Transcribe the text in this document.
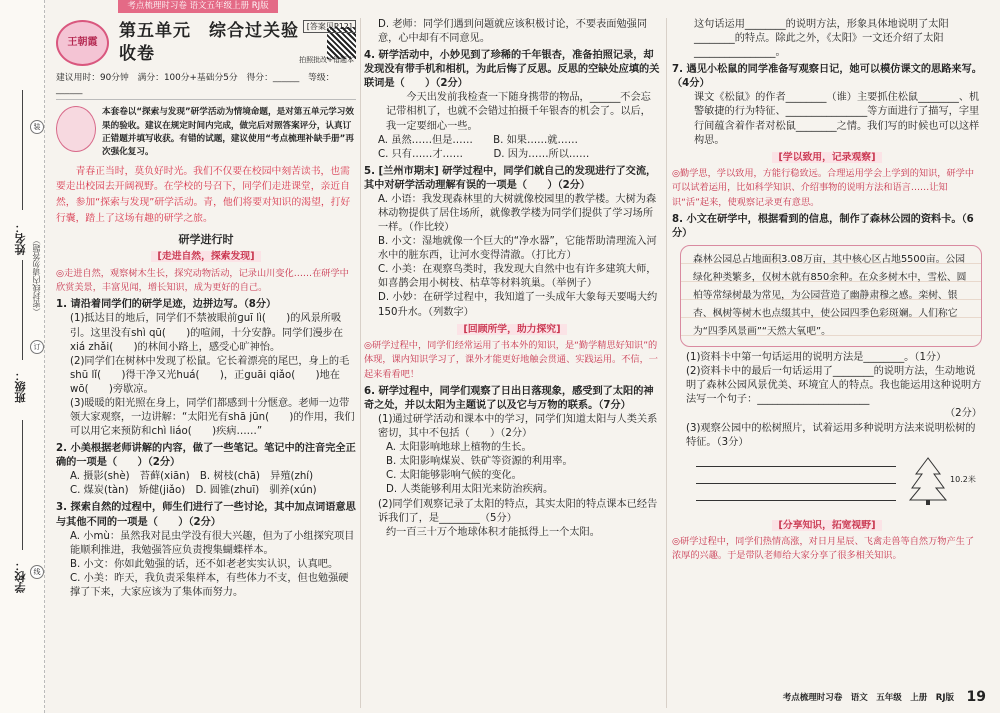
考点梳理时习卷 语文五年级上册 RJ版
学校：
班级：
姓名： （密封线内请勿答题）
装
订
线
王朝霞
第五单元　综合过关验收卷
[答案见P12]
拍照批改+错题本
建议用时：90分钟　满分：100分+基础分5分　得分：______　等级：______

本套卷以“探索与发现”研学活动为情境命题，是对第五单元学习效果的验收。建议在规定时间内完成，做完后对照答案评分，认真订正错题并填写收获。有错的试题，建议使用“考点梳理补缺手册”再次强化复习。

青春正当时，莫负好时光。我们不仅要在校园中刻苦读书，也需要走出校园去开阔视野。在学校的号召下，同学们走进课堂，亲近自然，参加“探索与发现”研学活动。青，他们将要对知识的渴望，打好行囊，踏上了这场有趣的研学之旅。

研学进行时
[走进自然，探索发现]

◎走进自然，观察树木生长，探究动物活动，记录山川变化……在研学中欣赏美景，丰富见闻，增长知识，成为更好的自己。

1. 请沿着同学们的研学足迹，边拼边写。（8分）

(1)抵达目的地后，同学们不禁被眼前ɡuī lì(　　)的风景所吸引。这里没有shì qū(　　)的喧闹，十分安静。同学们漫步在xiá zhǎi(　　)的林间小路上，感受心旷神怡。

(2)同学们在树林中发现了松鼠。它长着漂亮的尾巴，身上的毛shū lǐ(　　)得干净又光huá(　　)，正guāi qiǎo(　　)地在wō(　　)旁歇凉。

(3)暖暖的阳光照在身上，同学们都感到十分惬意。老师一边带领大家观察，一边讲解：“太阳光有shā jūn(　　)的作用，我们可以用它来预防和chì liáo(　　)疾病……”

2. 小美根据老师讲解的内容，做了一些笔记。笔记中的注音完全正确的一项是（　　）（2分）

A. 摄影(shè)　苔藓(xiān)　B. 树枝(chā)　异殖(zhí)

C. 煤炭(tàn)　矫健(jiǎo)　D. 圆锥(zhuī)　驯养(xún)

3. 探索自然的过程中，师生们进行了一些讨论，其中加点词语意思与其他不同的一项是（　　）（2分）

A. 小mù：虽然我对昆虫学没有很大兴趣，但为了小组探究项目能顺利推进，我勉强答应负责搜集蝴蝶样本。

B. 小文：你如此勉强的话，还不如老老实实认识，认真吧。

C. 小美：昨天，我负责采集样本，有些体力不支，但也勉强硬撑了下来，大家应该为了集体而努力。

D. 老师：同学们遇到问题就应该积极讨论，不要表面勉强同意，心中却有不同意见。

4. 研学活动中，小妙见到了珍稀的千年银杏，准备拍照记录，却发现没有带手机和相机，为此后悔了反思。反思的空缺处应填的关联词是（　　）（2分）

　　今天出发前我检查一下随身携带的物品，______不会忘记带相机了，也就不会错过拍摄千年银杏的机会了。以后，我一定要细心一些。

A. 虽然……但是……　　B. 如果……就……

C. 只有……才……　　　D. 因为……所以……

5. [兰州市期末] 研学过程中，同学们就自己的发现进行了交流，其中对研学活动理解有误的一项是（　　）（2分）

A. 小语：我发现森林里的大树就像校园里的教学楼。大树为森林动物提供了居住场所，就像教学楼为同学们提供了学习场所一样。（作比较）

B. 小文：湿地就像一个巨大的“净水器”，它能帮助清理流入河水中的脏东西，让河水变得清澈。（打比方）

C. 小美：在观察鸟类时，我发现大自然中也有许多建筑大师，如喜鹊会用小树枝、枯草等材料筑巢。（举例子）

D. 小妙：在研学过程中，我知道了一头成年大象每天要喝大约150升水。（列数字）

[回顾所学，助力探究]

◎研学过程中，同学们经常运用了书本外的知识，是“勤学精思好知识”的体现，课内知识学习了，课外才能更好地触会贯通、实践运用。不信，一起来看看吧！

6. 研学过程中，同学们观察了日出日落现象，感受到了太阳的神奇之处，并以太阳为主题说了以及它与万物的联系。（7分）

(1)通过研学活动和课本中的学习，同学们知道太阳与人类关系密切，其中不包括（　　）（2分）

A. 太阳影响地球上植物的生长。

B. 太阳影响煤炭、铁矿等资源的利用率。

C. 太阳能够影响气候的变化。

D. 人类能够利用太阳光来防治疾病。

(2)同学们观察记录了太阳的特点，其实太阳的特点课本已经告诉我们了，是________（5分）

约一百三十万个地球体积才能抵得上一个太阳。

这句话运用________的说明方法，形象具体地说明了太阳________的特点。除此之外，《太阳》一文还介绍了太阳________________。

7. 遇见小松鼠的同学准备写观察日记，她可以模仿课文的思路来写。（4分）

课文《松鼠》的作者________（谁）主要抓住松鼠________、机警敏捷的行为特征、________________等方面进行了描写，字里行间蕴含着作者对松鼠________之情。我们写的时候也可以这样构思。

[学以致用，记录观察]

◎勤学思，学以致用，方能行稳致远。合理运用学会上学到的知识，研学中可以试着运用，比如科学知识、介绍事物的说明方法和语言……让知识“活”起来，使观察记录更有意思。

8. 小文在研学中，根据看到的信息，制作了森林公园的资料卡。（6分）

森林公园总占地面积3.08万亩，其中核心区占地5500亩。公园绿化种类繁多，仅树木就有850余种。在众多树木中，雪松、圆柏等常绿树最为常见，为公园营造了幽静肃穆之感。栾树、银杏、枫树等树木也点缀其中，使公园四季色彩斑斓。人们称它为“四季风景画”“天然大氧吧”。

(1)资料卡中第一句话运用的说明方法是________。（1分）

(2)资料卡中的最后一句话运用了________的说明方法，生动地说明了森林公园风景优美、环境宜人的特点。我也能运用这种说明方法写一个句子：______________________

（2分）

(3)观察公园中的松树照片，试着运用多种说明方法来说明松树的特征。（3分）

10.2米
[分享知识，拓宽视野]

◎研学过程中，同学们热情高涨，对日月星辰、飞禽走兽等自然万物产生了浓厚的兴趣。于是带队老师给大家分享了很多相关知识。

考点梳理时习卷　语文　五年级　上册　RJ版 19
